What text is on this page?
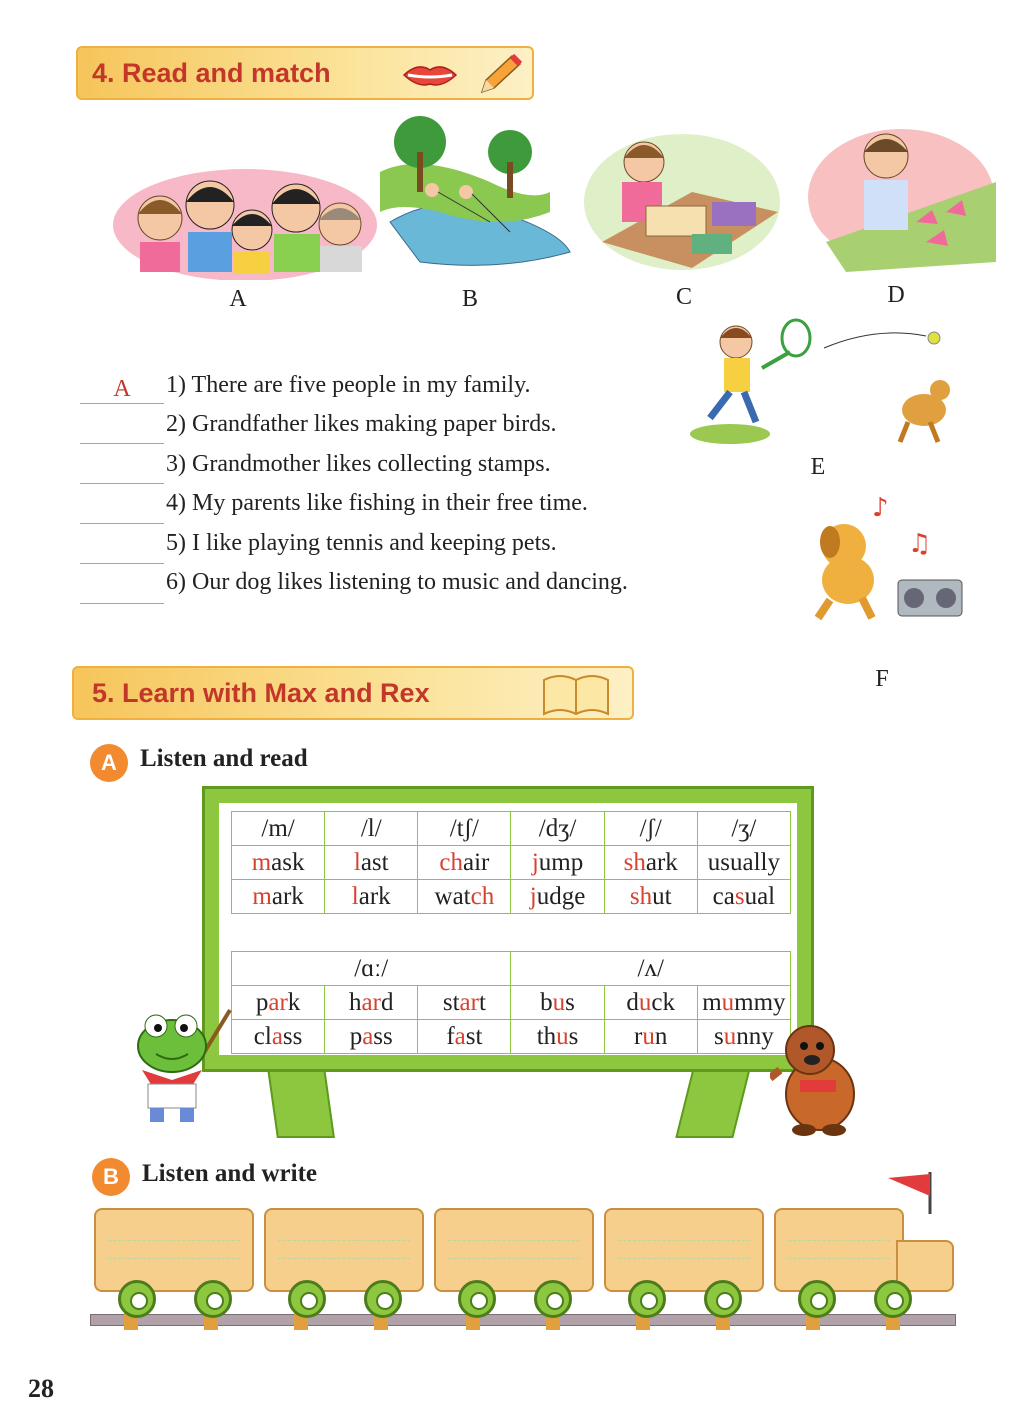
4. Read and match
A	B	C	D
E
A	1) There are five people in my family.
2) Grandfather likes making paper birds.
3) Grandmother likes collecting stamps.
4) My parents like fishing in their free time.
5) I like playing tennis and keeping pets.
6) Our dog likes listening to music and dancing.
♪
♫
F
5. Learn with Max and Rex
A Listen and read
/m/	/l/	/tʃ/	/dʒ/	/ʃ/	/ʒ/
mask	last	chair	jump	shark	usually
mark	lark	watch	judge	shut	casual
/ɑː/			/ʌ/		
park	hard	start	bus	duck	mummy
class	pass	fast	thus	run	sunny
B Listen and write
28
